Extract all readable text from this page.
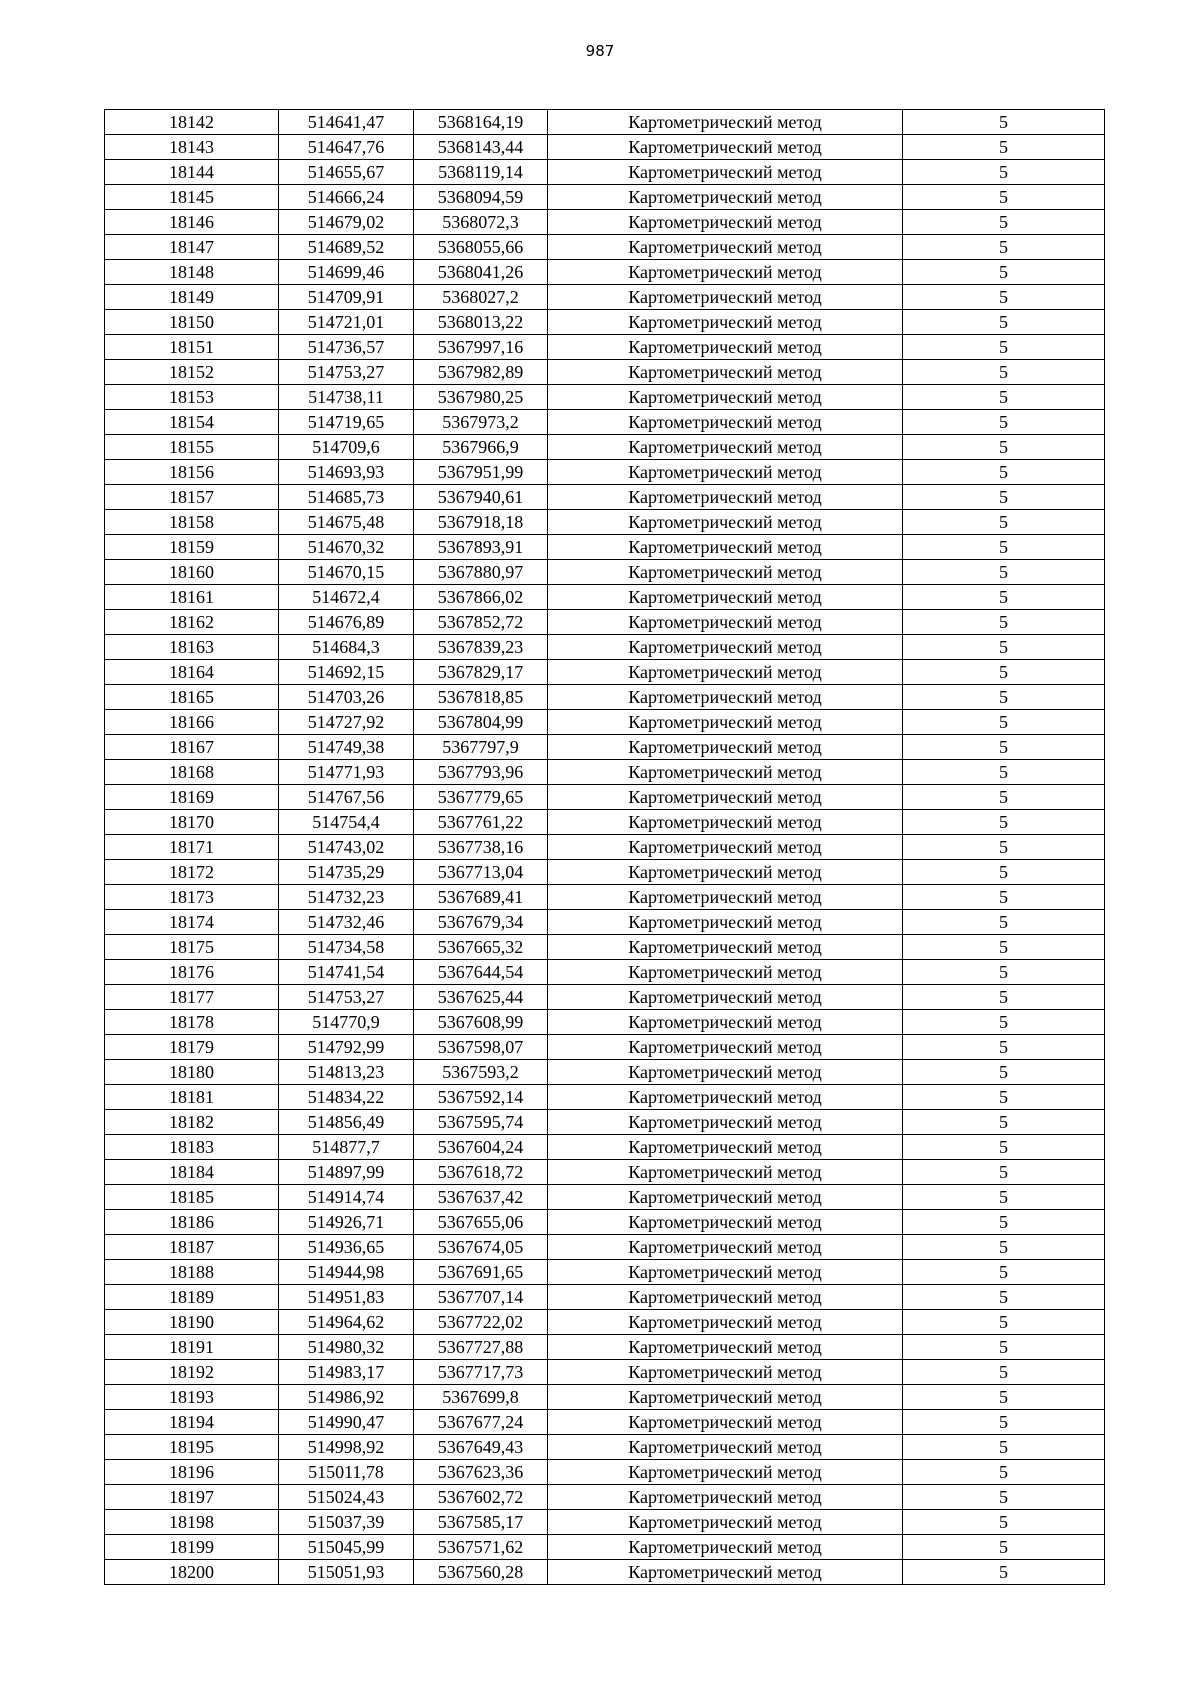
987
18142	514641,47	5368164,19	Картометрический метод	5
18143	514647,76	5368143,44	Картометрический метод	5
18144	514655,67	5368119,14	Картометрический метод	5
18145	514666,24	5368094,59	Картометрический метод	5
18146	514679,02	5368072,3	Картометрический метод	5
18147	514689,52	5368055,66	Картометрический метод	5
18148	514699,46	5368041,26	Картометрический метод	5
18149	514709,91	5368027,2	Картометрический метод	5
18150	514721,01	5368013,22	Картометрический метод	5
18151	514736,57	5367997,16	Картометрический метод	5
18152	514753,27	5367982,89	Картометрический метод	5
18153	514738,11	5367980,25	Картометрический метод	5
18154	514719,65	5367973,2	Картометрический метод	5
18155	514709,6	5367966,9	Картометрический метод	5
18156	514693,93	5367951,99	Картометрический метод	5
18157	514685,73	5367940,61	Картометрический метод	5
18158	514675,48	5367918,18	Картометрический метод	5
18159	514670,32	5367893,91	Картометрический метод	5
18160	514670,15	5367880,97	Картометрический метод	5
18161	514672,4	5367866,02	Картометрический метод	5
18162	514676,89	5367852,72	Картометрический метод	5
18163	514684,3	5367839,23	Картометрический метод	5
18164	514692,15	5367829,17	Картометрический метод	5
18165	514703,26	5367818,85	Картометрический метод	5
18166	514727,92	5367804,99	Картометрический метод	5
18167	514749,38	5367797,9	Картометрический метод	5
18168	514771,93	5367793,96	Картометрический метод	5
18169	514767,56	5367779,65	Картометрический метод	5
18170	514754,4	5367761,22	Картометрический метод	5
18171	514743,02	5367738,16	Картометрический метод	5
18172	514735,29	5367713,04	Картометрический метод	5
18173	514732,23	5367689,41	Картометрический метод	5
18174	514732,46	5367679,34	Картометрический метод	5
18175	514734,58	5367665,32	Картометрический метод	5
18176	514741,54	5367644,54	Картометрический метод	5
18177	514753,27	5367625,44	Картометрический метод	5
18178	514770,9	5367608,99	Картометрический метод	5
18179	514792,99	5367598,07	Картометрический метод	5
18180	514813,23	5367593,2	Картометрический метод	5
18181	514834,22	5367592,14	Картометрический метод	5
18182	514856,49	5367595,74	Картометрический метод	5
18183	514877,7	5367604,24	Картометрический метод	5
18184	514897,99	5367618,72	Картометрический метод	5
18185	514914,74	5367637,42	Картометрический метод	5
18186	514926,71	5367655,06	Картометрический метод	5
18187	514936,65	5367674,05	Картометрический метод	5
18188	514944,98	5367691,65	Картометрический метод	5
18189	514951,83	5367707,14	Картометрический метод	5
18190	514964,62	5367722,02	Картометрический метод	5
18191	514980,32	5367727,88	Картометрический метод	5
18192	514983,17	5367717,73	Картометрический метод	5
18193	514986,92	5367699,8	Картометрический метод	5
18194	514990,47	5367677,24	Картометрический метод	5
18195	514998,92	5367649,43	Картометрический метод	5
18196	515011,78	5367623,36	Картометрический метод	5
18197	515024,43	5367602,72	Картометрический метод	5
18198	515037,39	5367585,17	Картометрический метод	5
18199	515045,99	5367571,62	Картометрический метод	5
18200	515051,93	5367560,28	Картометрический метод	5
